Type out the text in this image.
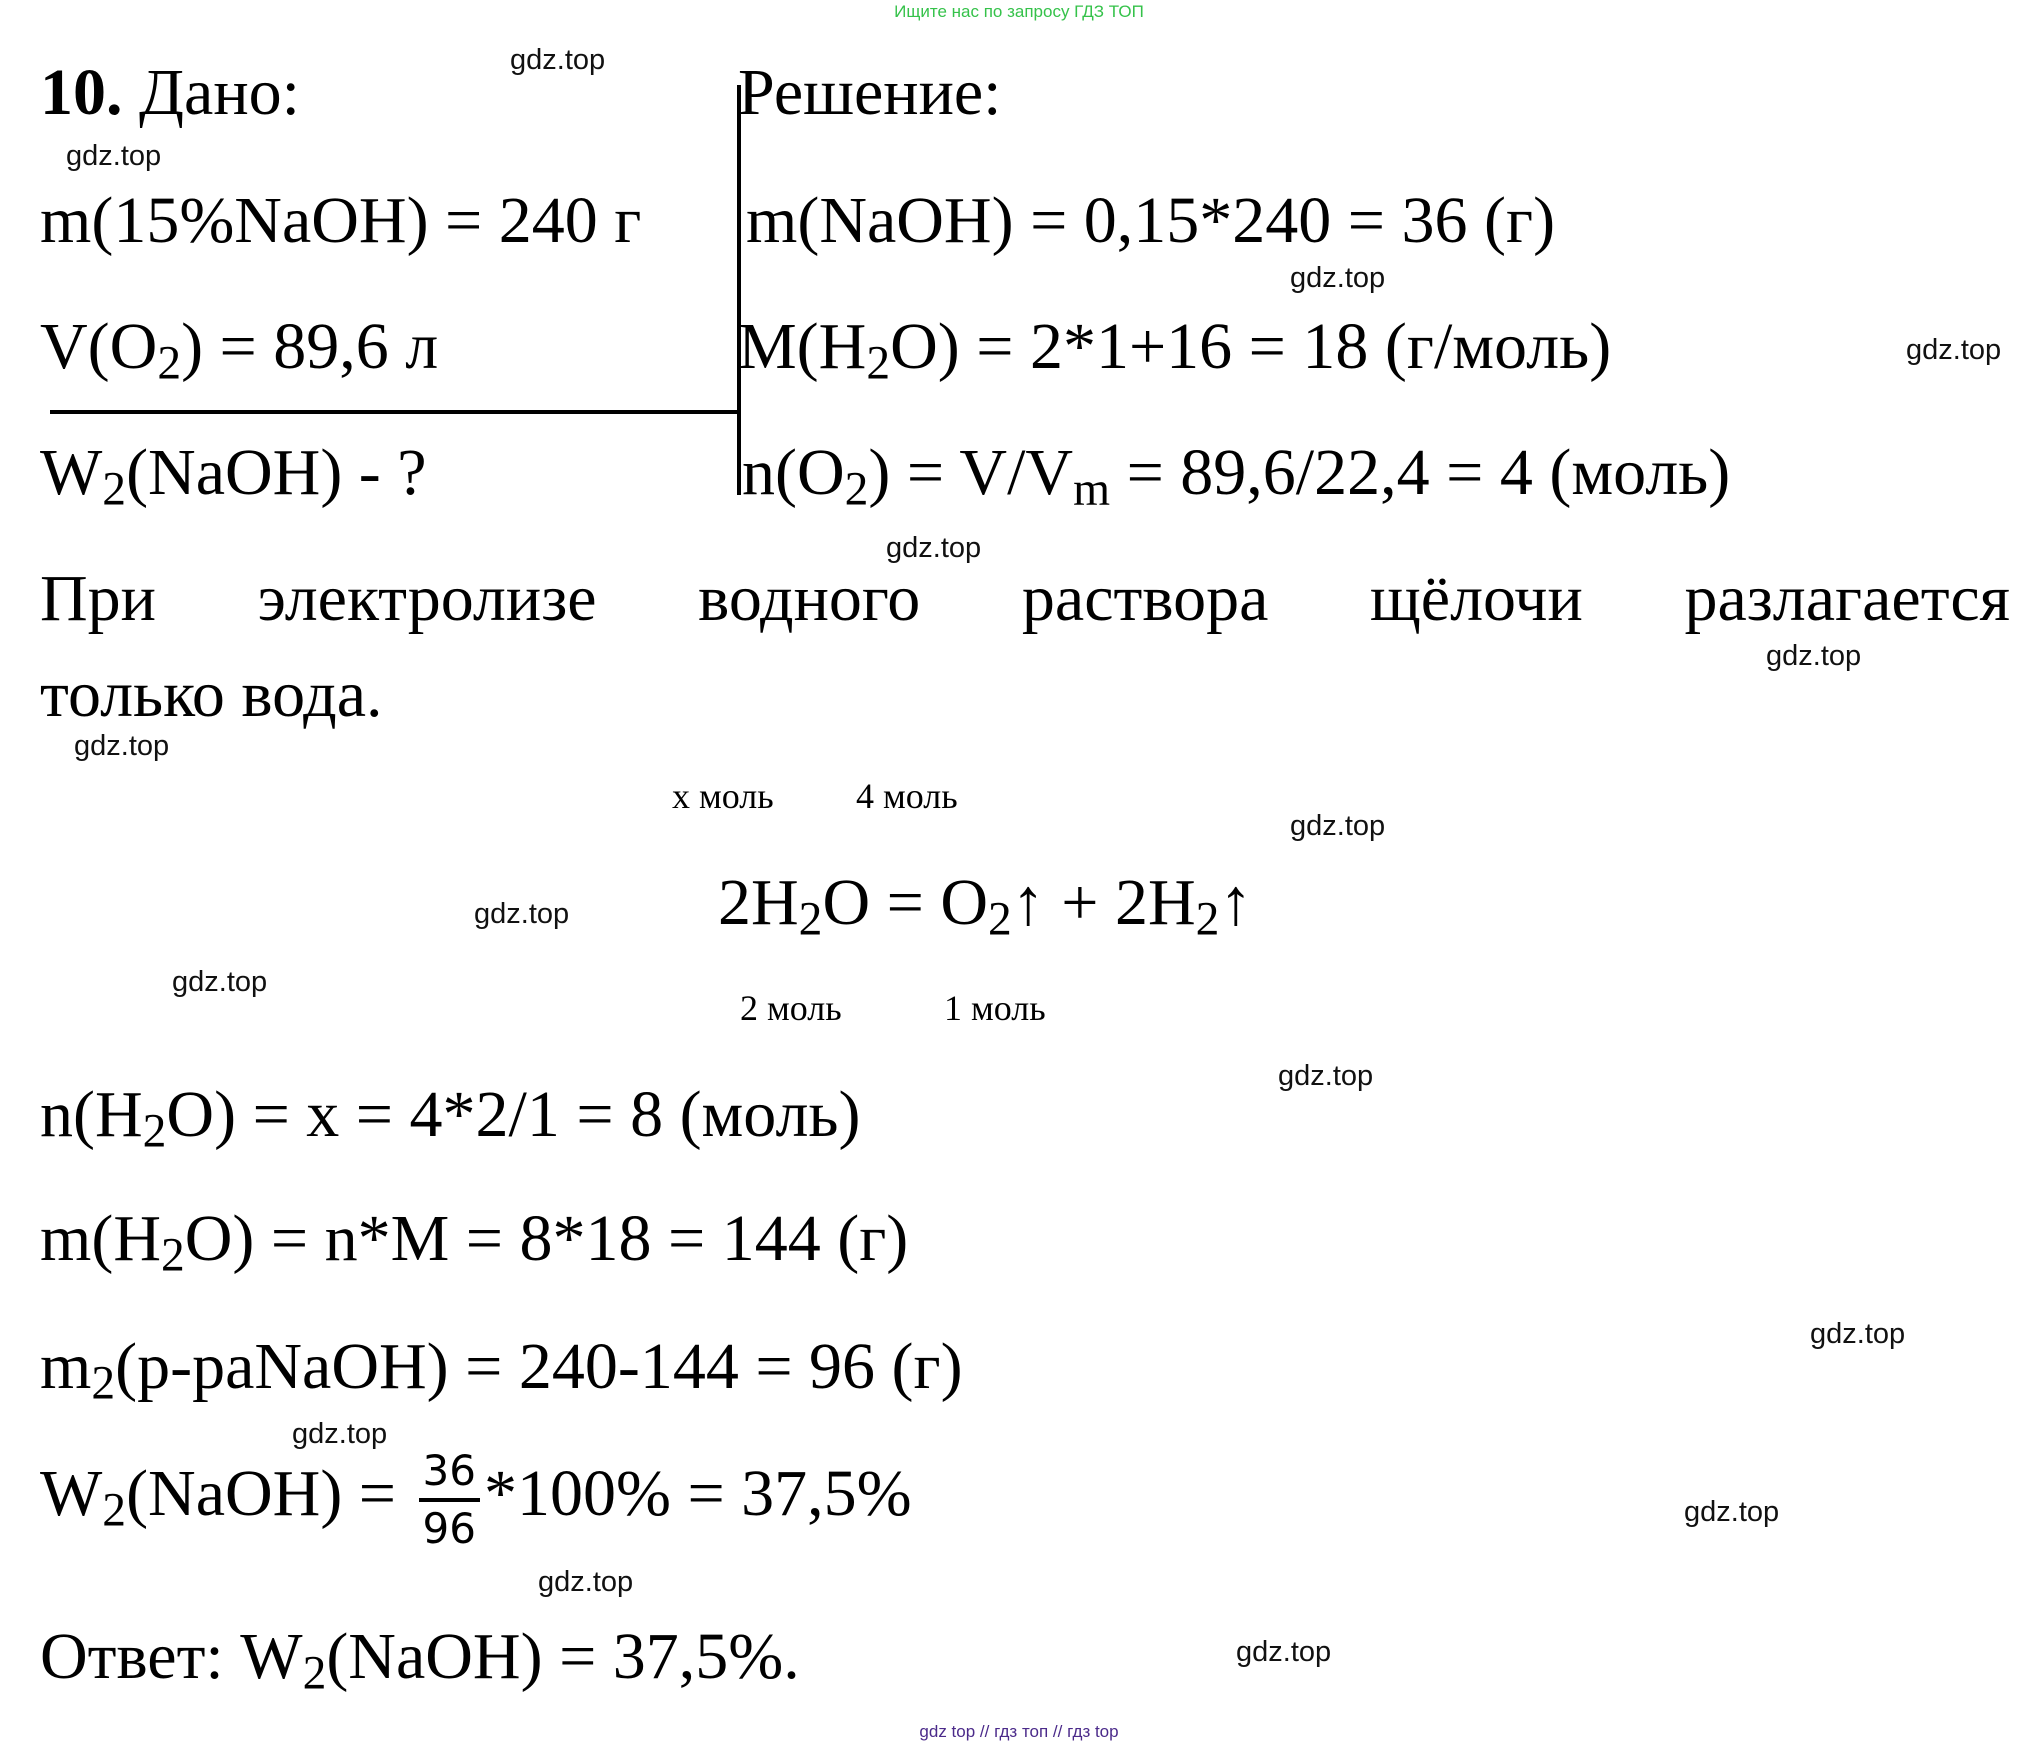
Ищите нас по запросу ГДЗ ТОП
10. Дано:
m(15%NaOH) = 240 г
$V(O_2) = 89,6$ л
$W_2(NaOH)$ - ?
Решение:
m(NaOH) = 0,15*240 = 36 (г)
$M(H_2O) = 2*1+16 = 18$ (г/моль)
$n(O_2) = V/V_m = 89,6/22,4 = 4$ (моль)
При электролизе водного раствора щёлочи разлагается
только вода.
x моль 4 моль
$2H_2O$ = $O_2↑$ + $2H_2↑$
2 моль	1 моль
$n(H_2O) = x = 4*2/1 = 8$ (моль)
$m(H_2O) = n*M = 8*18 = 144$ (г)
$m_2(р-раNaOH) = 240-144 = 96$ (г)
$W_2(NaOH) = \frac{36}{96} *100\% = 37,5\%$
Ответ: $W_2(NaOH) = 37,5\%$.
gdz.top
gdz.top
gdz.top
gdz.top
gdz.top
gdz.top
gdz.top
gdz.top
gdz.top
gdz.top
gdz.top
gdz.top
gdz.top
gdz.top
gdz.top
gdz.top
gdz top // гдз топ // гдз top
